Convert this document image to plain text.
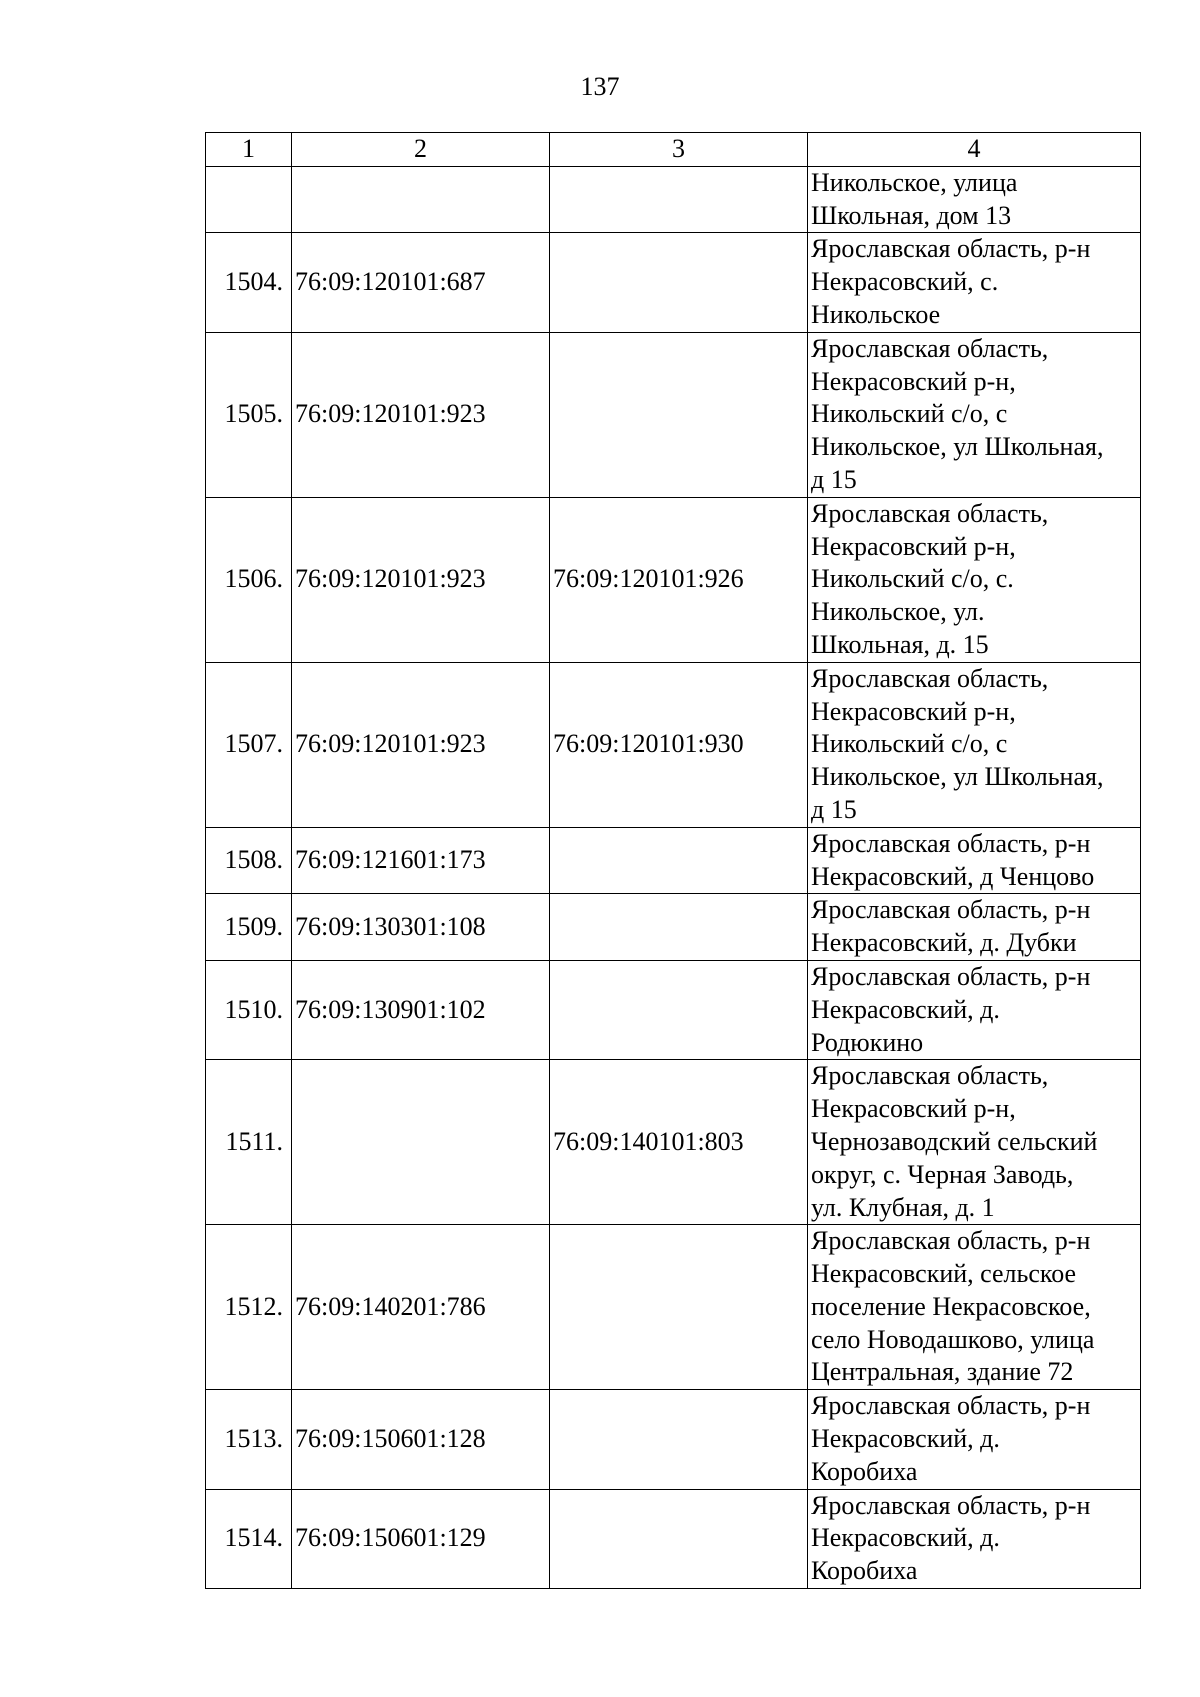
137
1	2	3	4
			Никольское, улица
Школьная, дом 13
1504.	76:09:120101:687		Ярославская область, р-н
Некрасовский, с.
Никольское
1505.	76:09:120101:923		Ярославская область,
Некрасовский р-н,
Никольский с/о, с
Никольское, ул Школьная,
д 15
1506.	76:09:120101:923	76:09:120101:926	Ярославская область,
Некрасовский р-н,
Никольский с/о, с.
Никольское, ул.
Школьная, д. 15
1507.	76:09:120101:923	76:09:120101:930	Ярославская область,
Некрасовский р-н,
Никольский с/о, с
Никольское, ул Школьная,
д 15
1508.	76:09:121601:173		Ярославская область, р-н
Некрасовский, д Ченцово
1509.	76:09:130301:108		Ярославская область, р-н
Некрасовский, д. Дубки
1510.	76:09:130901:102		Ярославская область, р-н
Некрасовский, д.
Родюкино
1511.		76:09:140101:803	Ярославская область,
Некрасовский р-н,
Чернозаводский сельский
округ, с. Черная Заводь,
ул. Клубная, д. 1
1512.	76:09:140201:786		Ярославская область, р-н
Некрасовский, сельское
поселение Некрасовское,
село Новодашково, улица
Центральная, здание 72
1513.	76:09:150601:128		Ярославская область, р-н
Некрасовский, д.
Коробиха
1514.	76:09:150601:129		Ярославская область, р-н
Некрасовский, д.
Коробиха
